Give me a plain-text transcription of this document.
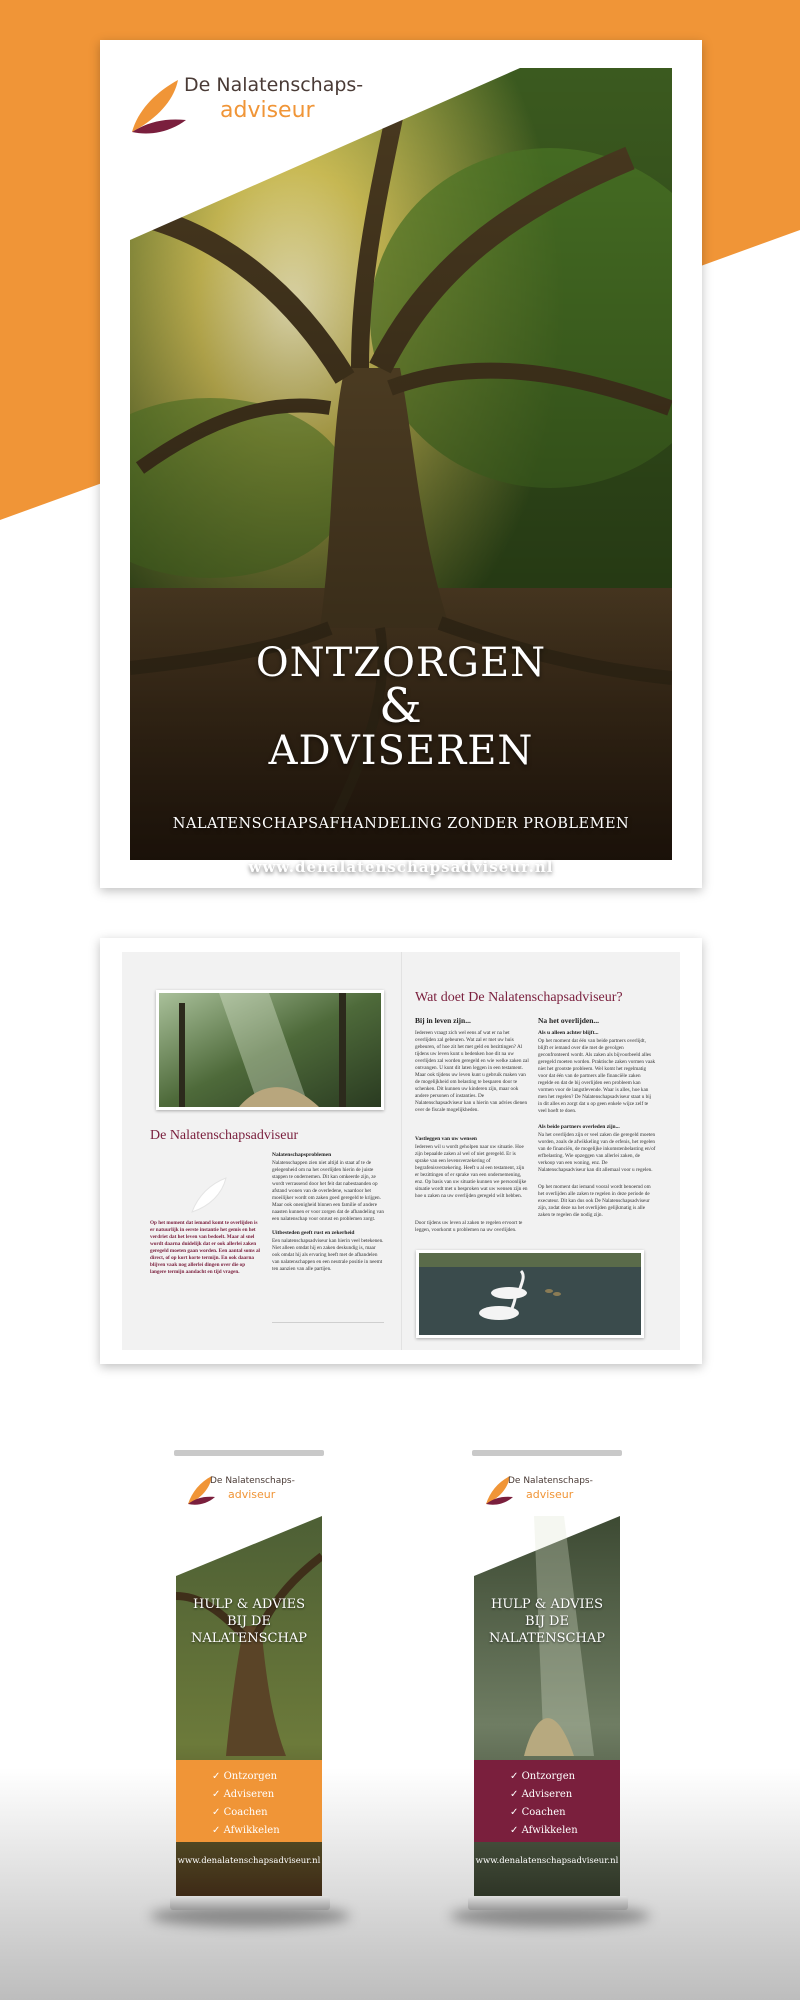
De Nalatenschaps-
adviseur
ONTZORGEN
&
ADVISEREN
NALATENSCHAPSAFHANDELING ZONDER PROBLEMEN
www.denalatenschapsadviseur.nl
De Nalatenschapsadviseur
Op het moment dat iemand komt te overlijden is er natuurlijk in eerste instantie het gemis en het verdriet dat het leven van bedoelt. Maar al snel wordt daarna duidelijk dat er ook allerlei zaken geregeld moeten gaan worden. Een aantal soms al direct, of op kort korte termijn. En ook daarna blijven vaak nog allerlei dingen over die op langere termijn aandacht en tijd vragen.
Nalatenschapsproblemen
Nalatenschappen zien niet altijd in staat af te de gelegenheid om na het overlijden hierin de juiste stappen te ondernemen. Dit kan omkeerde zijn, ze wordt verrassend door het feit dat nabestaanden op afstand wonen van de overledene, waardoor het moeilijker wordt om zaken goed geregeld te krijgen. Maar ook onenigheid binnen een familie of andere naasten kunnen er voor zorgen dat de afhandeling van een nalatenschap voor onrust en problemen zorgt.
Uitbesteden geeft rust en zekerheid
Een nalatenschapsadviseur kan hierin veel betekenen. Niet alleen omdat hij en zaken deskundig is, maar ook omdat hij als ervaring heeft met de afhandelen van nalatenschappen en een neutrale positie in neemt ten aanzien van alle partijen.
Wat doet De Nalatenschapsadviseur?
Bij in leven zijn...	Na het overlijden...
Iedereen vraagt zich wel eens af wat er na het overlijden zal gebeuren. Wat zal er met uw huis gebeuren, of hoe zit het met geld en bezittingen? Al tijdens uw leven kunt u bedenken hoe dit na uw overlijden zal worden geregeld en wie welke zaken zal ontvangen. U kunt dit laten leggen in een testament. Maar ook tijdens uw leven kunt u gebruik maken van de mogelijkheid om belasting te besparen door te schenken. Dit kunnen uw kinderen zijn, maar ook andere personen of instanties. De Nalatenschapsadviseur kan u hierin van advies dienen over de fiscale mogelijkheden.
Vastleggen van uw wensen
Iedereen wil u wordt geholpen naar uw situatie. Hoe zijn bepaalde zaken al wel of niet geregeld. Er is sprake van een levensverzekering of begrafenisverzekering. Heeft u al een testament, zijn er bezittingen of er sprake van een ondernemening, enz. Op basis van uw situatie kunnen we persoonlijke situatie wordt met u besproken wat uw wensen zijn en hoe u zaken na uw overlijden geregeld wilt hebben.
Door tijdens uw leven al zaken te regelen ervoort te leggen, voorkomt u problemen na uw overlijden.
Als u alleen achter blijft...
Op het moment dat één van beide partners overlijdt, blijft er iemand over die met de gevolgen geconfronteerd wordt. Als zaken als bijvoorbeeld alles geregeld moeten worden. Praktische zaken vormen vaak niet het grootste probleem. Wel komt het regelmatig voor dat één van de partners alle financiële zaken regelde en dat de bij overlijden een probleem kan vormen voor de langstlevende. Waar is alles, hoe kan men het regelen? De Nalatenschapsadviseur staat u bij in dit alles en zorgt dat u op geen enkele wijze zelf te veel hoeft te doen.
Als beide partners overleden zijn...
Na het overlijden zijn er veel zaken die geregeld moeten worden, zoals de afwikkeling van de erfenis, het regelen van de financiën, de mogelijke inkomstenbelasting en/of erfbelasting. Wie opzeggen van allerlei zaken, de verkoop van een woning, enz. De Nalatenschapsadviseur kan dit allemaal voor u regelen.
Op het moment dat iemand vooral wordt benoemd om het overlijden alle zaken te regelen in deze periode de executeur. Dit kan dus ook De Nalatenschapsadviseur zijn, zodat deze na het overlijden gelijkmatig is alle zaken te regelen die nodig zijn.
De Nalatenschaps-
adviseur
HULP & ADVIES
BIJ DE
NALATENSCHAP
✓ Ontzorgen
✓ Adviseren
✓ Coachen
✓ Afwikkelen
www.denalatenschapsadviseur.nl
De Nalatenschaps-
adviseur
HULP & ADVIES
BIJ DE
NALATENSCHAP
✓ Ontzorgen
✓ Adviseren
✓ Coachen
✓ Afwikkelen
www.denalatenschapsadviseur.nl
